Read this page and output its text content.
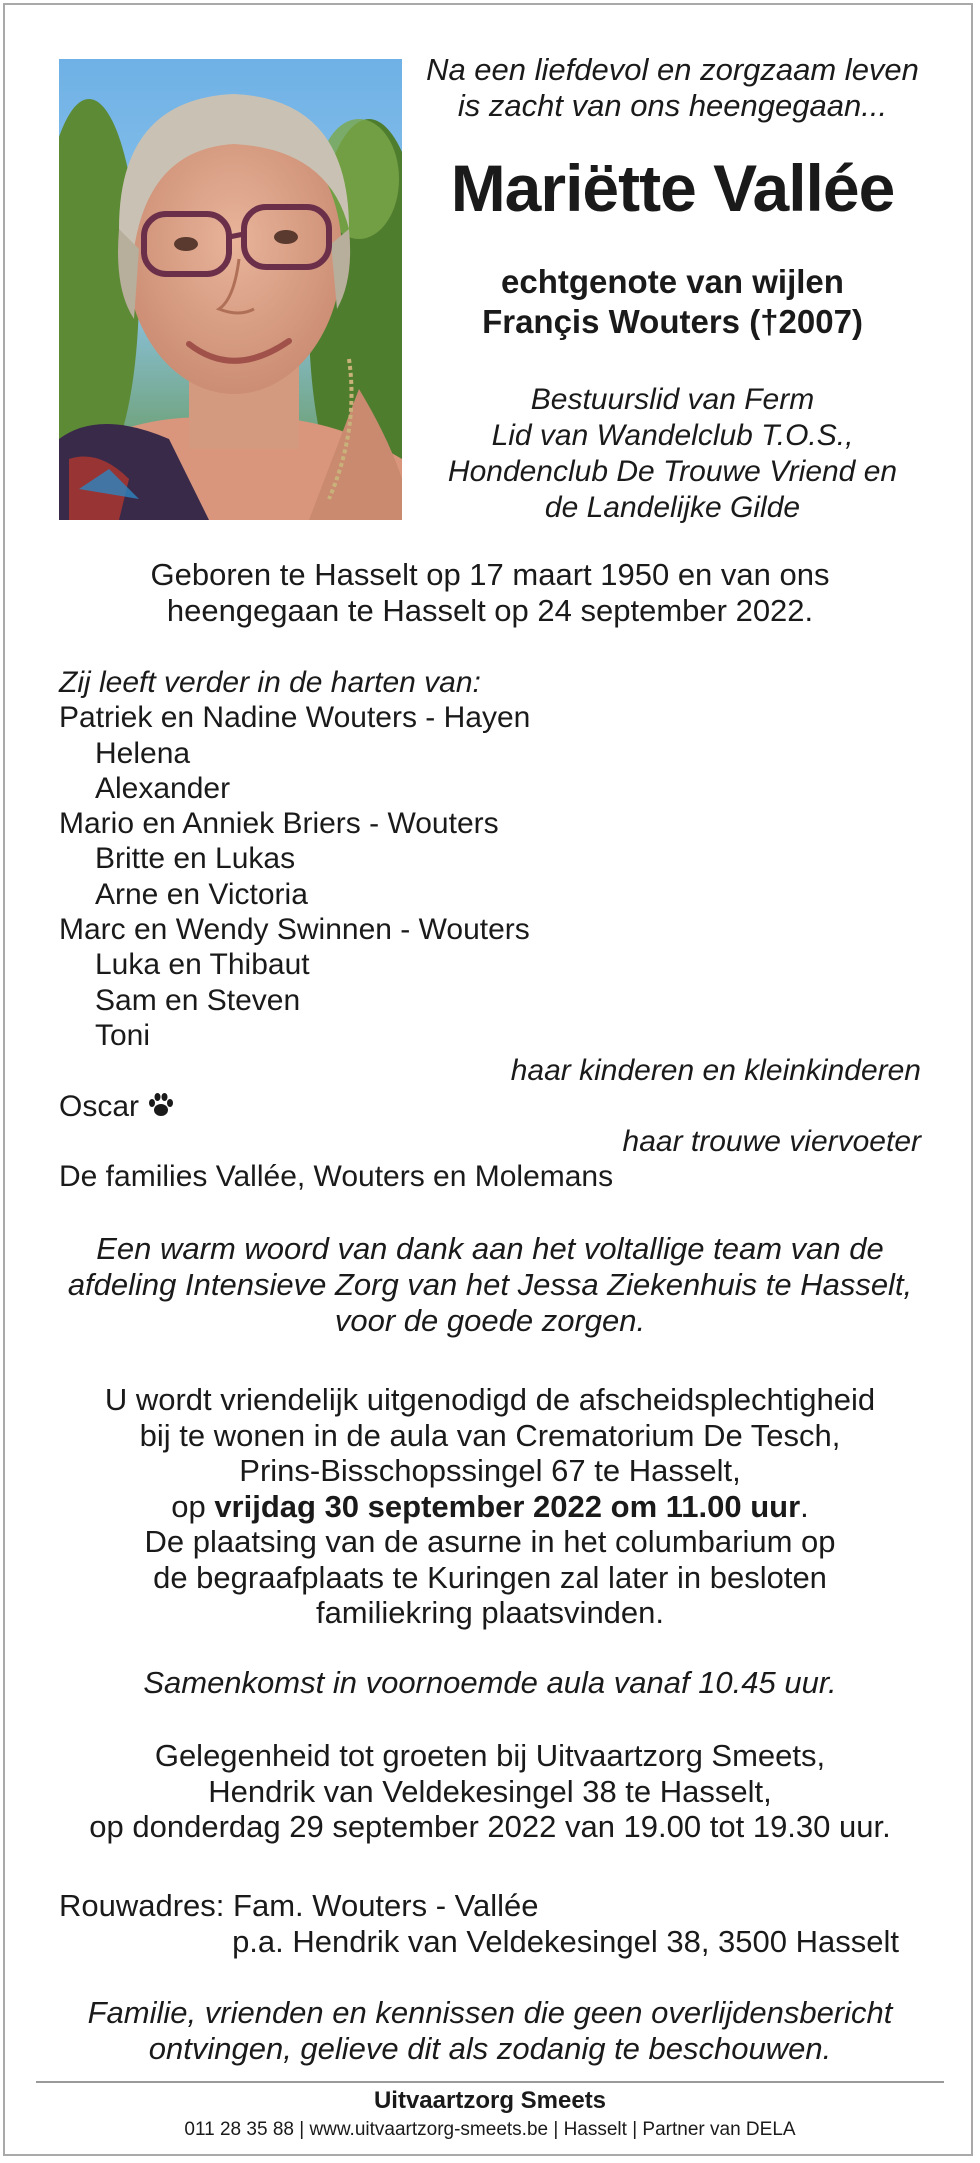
Na een liefdevol en zorgzaam leven
is zacht van ons heengegaan...
Mariëtte Vallée
echtgenote van wijlen
Françis Wouters (†2007)
Bestuurslid van Ferm
Lid van Wandelclub T.O.S.,
Hondenclub De Trouwe Vriend en
de Landelijke Gilde
Geboren te Hasselt op 17 maart 1950 en van ons
heengegaan te Hasselt op 24 september 2022.
Zij leeft verder in de harten van:
Patriek en Nadine Wouters - Hayen
Helena
Alexander
Mario en Anniek Briers - Wouters
Britte en Lukas
Arne en Victoria
Marc en Wendy Swinnen - Wouters
Luka en Thibaut
Sam en Steven
Toni
haar kinderen en kleinkinderen
Oscar
haar trouwe viervoeter
De families Vallée, Wouters en Molemans
Een warm woord van dank aan het voltallige team van de
afdeling Intensieve Zorg van het Jessa Ziekenhuis te Hasselt,
voor de goede zorgen.
U wordt vriendelijk uitgenodigd de afscheidsplechtigheid
bij te wonen in de aula van Crematorium De Tesch,
Prins-Bisschopssingel 67 te Hasselt,
op vrijdag 30 september 2022 om 11.00 uur.
De plaatsing van de asurne in het columbarium op
de begraafplaats te Kuringen zal later in besloten
familiekring plaatsvinden.
Samenkomst in voornoemde aula vanaf 10.45 uur.
Gelegenheid tot groeten bij Uitvaartzorg Smeets,
Hendrik van Veldekesingel 38 te Hasselt,
op donderdag 29 september 2022 van 19.00 tot 19.30 uur.
Rouwadres: Fam. Wouters - Vallée
p.a. Hendrik van Veldekesingel 38, 3500 Hasselt
Familie, vrienden en kennissen die geen overlijdensbericht
ontvingen, gelieve dit als zodanig te beschouwen.
Uitvaartzorg Smeets
011 28 35 88 | www.uitvaartzorg-smeets.be | Hasselt | Partner van DELA
